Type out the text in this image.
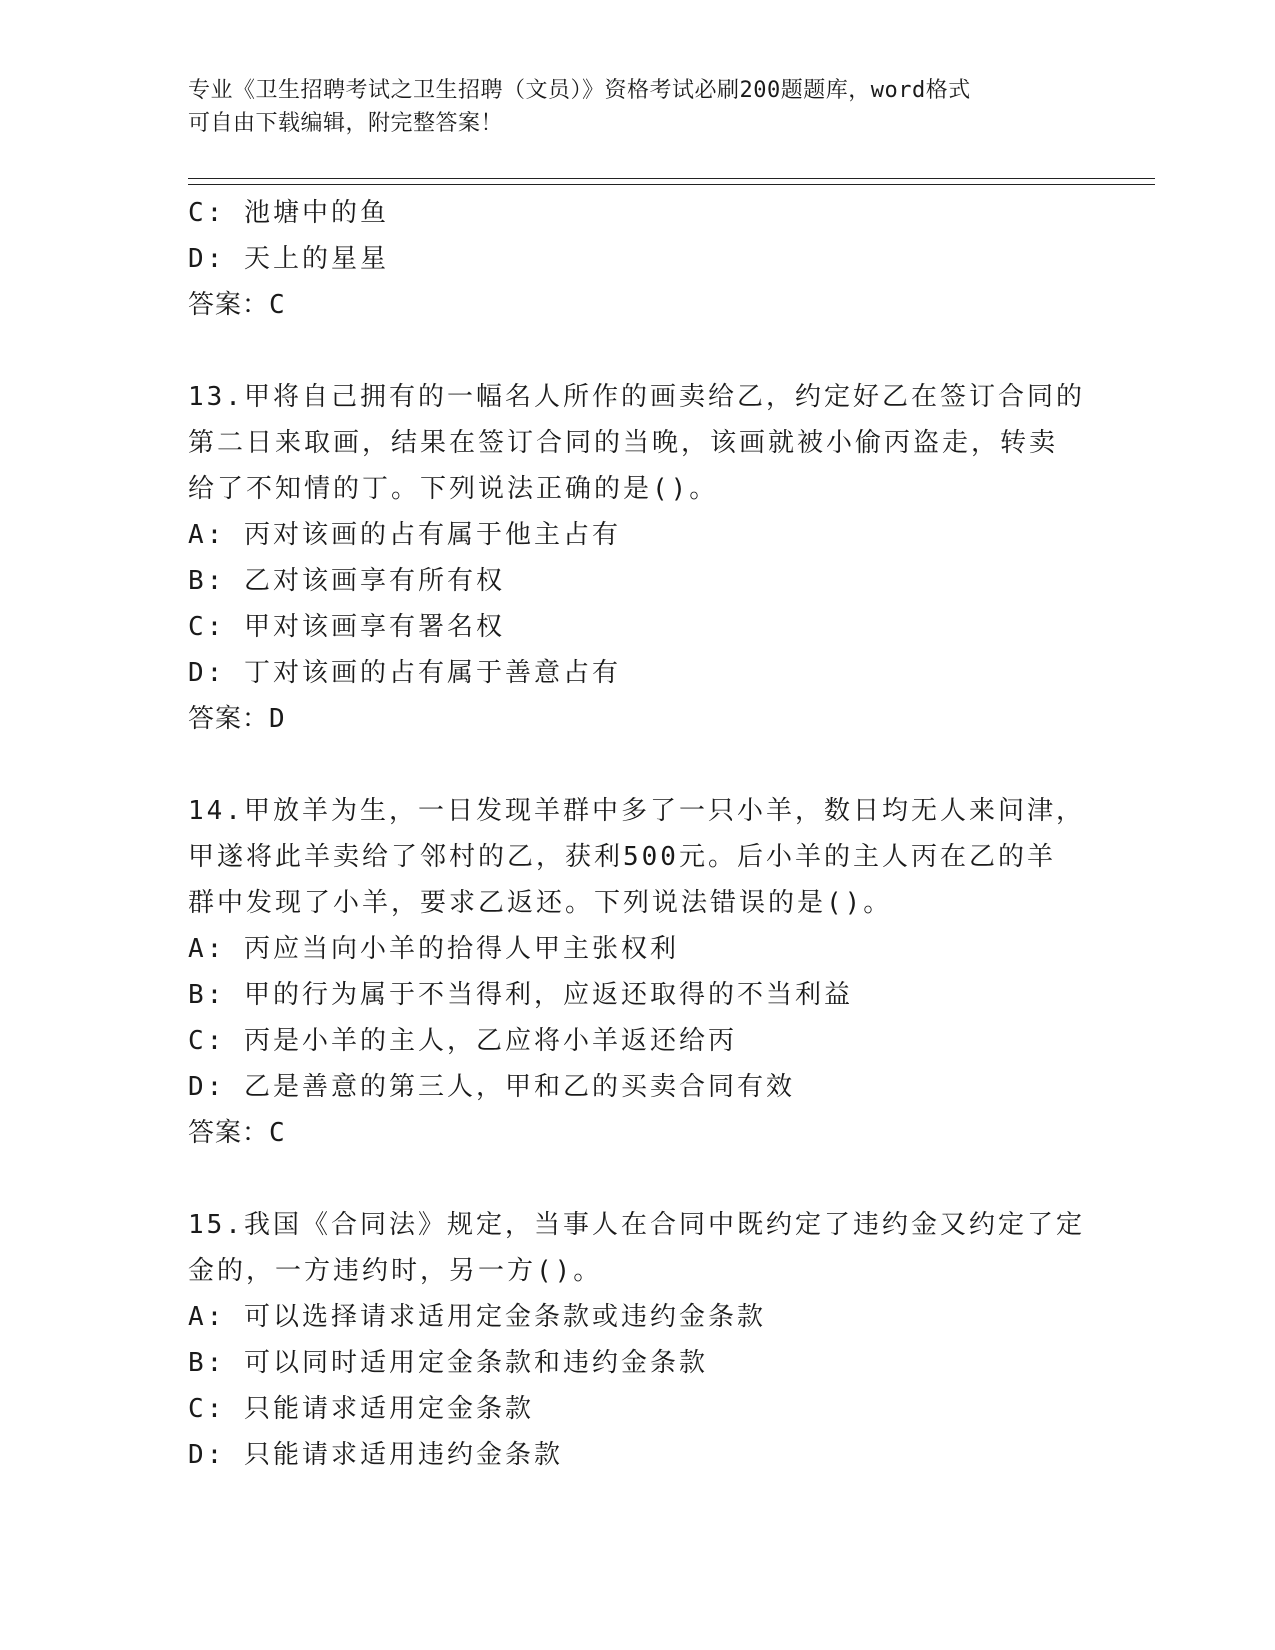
专业《卫生招聘考试之卫生招聘（文员）》资格考试必刷200题题库，word格式
可自由下载编辑，附完整答案！
C: 池塘中的鱼
D: 天上的星星
答案：C
13.甲将自己拥有的一幅名人所作的画卖给乙，约定好乙在签订合同的
第二日来取画，结果在签订合同的当晚，该画就被小偷丙盗走，转卖
给了不知情的丁。下列说法正确的是()。
A: 丙对该画的占有属于他主占有
B: 乙对该画享有所有权
C: 甲对该画享有署名权
D: 丁对该画的占有属于善意占有
答案：D
14.甲放羊为生，一日发现羊群中多了一只小羊，数日均无人来问津，
甲遂将此羊卖给了邻村的乙，获利500元。后小羊的主人丙在乙的羊
群中发现了小羊，要求乙返还。下列说法错误的是()。
A: 丙应当向小羊的拾得人甲主张权利
B: 甲的行为属于不当得利，应返还取得的不当利益
C: 丙是小羊的主人，乙应将小羊返还给丙
D: 乙是善意的第三人，甲和乙的买卖合同有效
答案：C
15.我国《合同法》规定，当事人在合同中既约定了违约金又约定了定
金的，一方违约时，另一方()。
A: 可以选择请求适用定金条款或违约金条款
B: 可以同时适用定金条款和违约金条款
C: 只能请求适用定金条款
D: 只能请求适用违约金条款
